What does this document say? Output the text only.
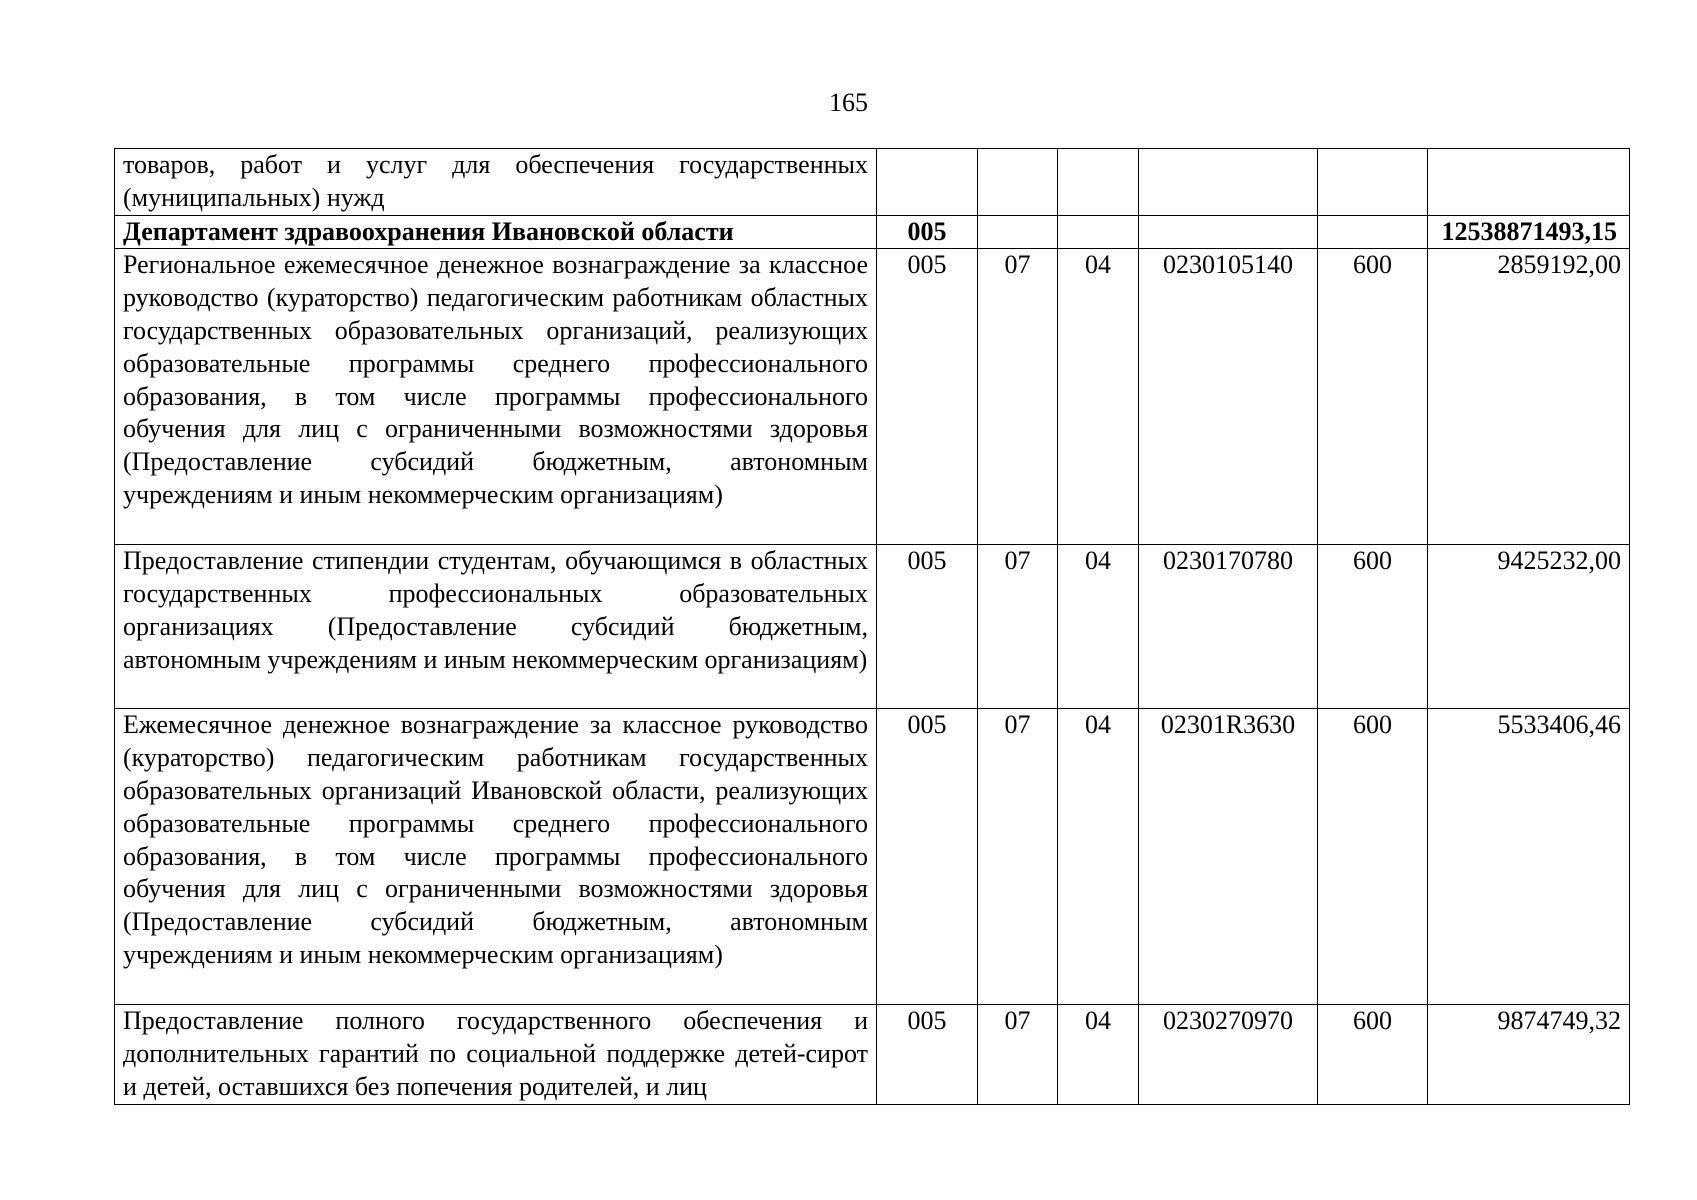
165
товаров, работ и услуг для обеспечения государственных (муниципальных) нужд						
Департамент здравоохранения Ивановской области	005					12538871493,15
Региональное ежемесячное денежное вознаграждение за классное руководство (кураторство) педагогическим работникам областных государственных образовательных организаций, реализующих образовательные программы среднего профессионального образования, в том числе программы профессионального обучения для лиц с ограниченными возможностями здоровья (Предоставление субсидий бюджетным, автономным учреждениям и иным некоммерческим организациям)	005	07	04	0230105140	600	2859192,00
Предоставление стипендии студентам, обучающимся в областных государственных профессиональных образовательных организациях (Предоставление субсидий бюджетным, автономным учреждениям и иным некоммерческим организациям)	005	07	04	0230170780	600	9425232,00
Ежемесячное денежное вознаграждение за классное руководство (кураторство) педагогическим работникам государственных образовательных организаций Ивановской области, реализующих образовательные программы среднего профессионального образования, в том числе программы профессионального обучения для лиц с ограниченными возможностями здоровья (Предоставление субсидий бюджетным, автономным учреждениям и иным некоммерческим организациям)	005	07	04	02301R3630	600	5533406,46
Предоставление полного государственного обеспечения и дополнительных гарантий по социальной поддержке детей-сирот и детей, оставшихся без попечения родителей, и лиц	005	07	04	0230270970	600	9874749,32
